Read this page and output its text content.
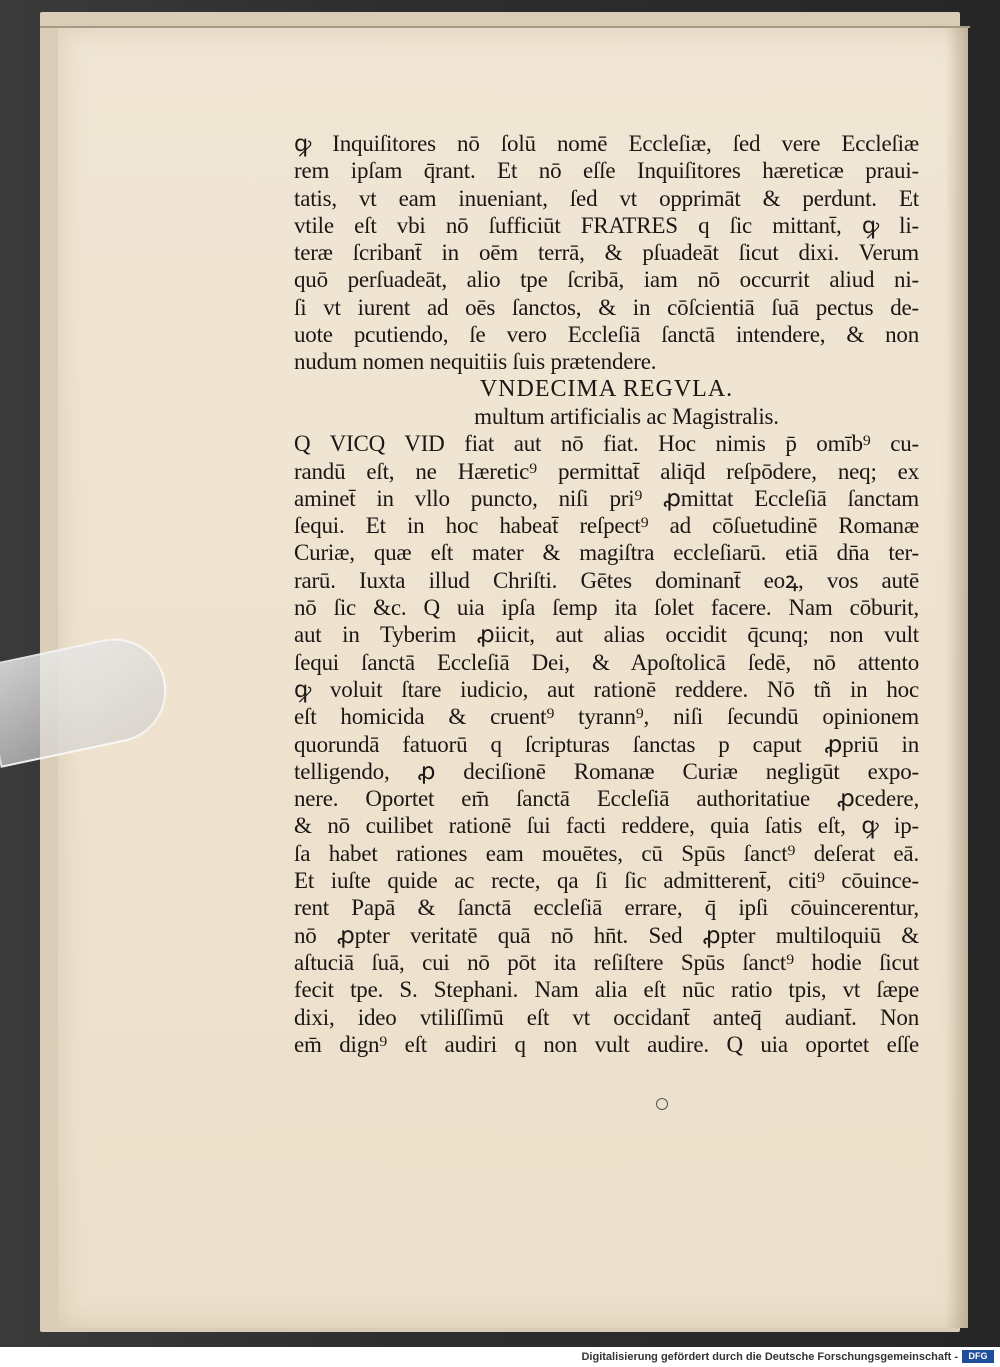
ꝙ Inquiſitores nō ſolū nomē Eccleſiæ, ſed vere Eccleſiæ
rem ipſam q̄rant. Et nō eſſe Inquiſitores hæreticæ praui-
tatis, vt eam inueniant, ſed vt opprimāt & perdunt. Et
vtile eſt vbi nō ſufficiūt FRATRES q ſic mittant̄, ꝙ li-
teræ ſcribant̄ in oēm terrā, & pſuadeāt ſicut dixi. Verum
quō perſuadeāt, alio tpe ſcribā, iam nō occurrit aliud ni-
ſi vt iurent ad oēs ſanctos, & in cōſcientiā ſuā pectus de-
uote pcutiendo, ſe vero Eccleſiā ſanctā intendere, & non
nudum nomen nequitiis ſuis prætendere.
VNDECIMA REGVLA.
multum artificialis ac Magistralis.
Q VICQ VID fiat aut nō fiat. Hoc nimis p̄ omīb⁹ cu-
randū eſt, ne Hæretic⁹ permittat̄ aliq̄d reſpōdere, neq; ex
aminet̄ in vllo puncto, niſi pri⁹ ꝓmittat Eccleſiā ſanctam
ſequi. Et in hoc habeat̄ reſpect⁹ ad cōſuetudinē Romanæ
Curiæ, quæ eſt mater & magiſtra eccleſiarū. etiā dn̄a ter-
rarū. Iuxta illud Chriſti. Gētes dominant̄ eoꝝ, vos autē
nō ſic &c. Q uia ipſa ſemp ita ſolet facere. Nam cōburit,
aut in Tyberim ꝓiicit, aut alias occidit q̄cunq; non vult
ſequi ſanctā Eccleſiā Dei, & Apoſtolicā ſedē, nō attento
ꝙ voluit ſtare iudicio, aut rationē reddere. Nō tñ in hoc
eſt homicida & cruent⁹ tyrann⁹, niſi ſecundū opinionem
quorundā fatuorū q ſcripturas ſanctas p caput ꝓpriū in
telligendo, ꝓ deciſionē Romanæ Curiæ negligūt expo-
nere. Oportet em̄ ſanctā Eccleſiā authoritatiue ꝓcedere,
& nō cuilibet rationē ſui facti reddere, quia ſatis eſt, ꝙ ip-
ſa habet rationes eam mouētes, cū Spūs ſanct⁹ deſerat eā.
Et iuſte quide ac recte, qa ſi ſic admitterent̄, citi⁹ cōuince-
rent Papā & ſanctā eccleſiā errare, q̄ ipſi cōuincerentur,
nō ꝓpter veritatē quā nō hn̄t. Sed ꝓpter multiloquiū &
aſtuciā ſuā, cui nō pōt ita reſiſtere Spūs ſanct⁹ hodie ſicut
fecit tpe. S. Stephani. Nam alia eſt nūc ratio tpis, vt ſæpe
dixi, ideo vtiliſſimū eſt vt occidant̄ anteq̄ audiant̄. Non
em̄ dign⁹ eſt audiri q non vult audire. Q uia oportet eſſe
Digitalisierung gefördert durch die Deutsche Forschungsgemeinschaft -	DFG
